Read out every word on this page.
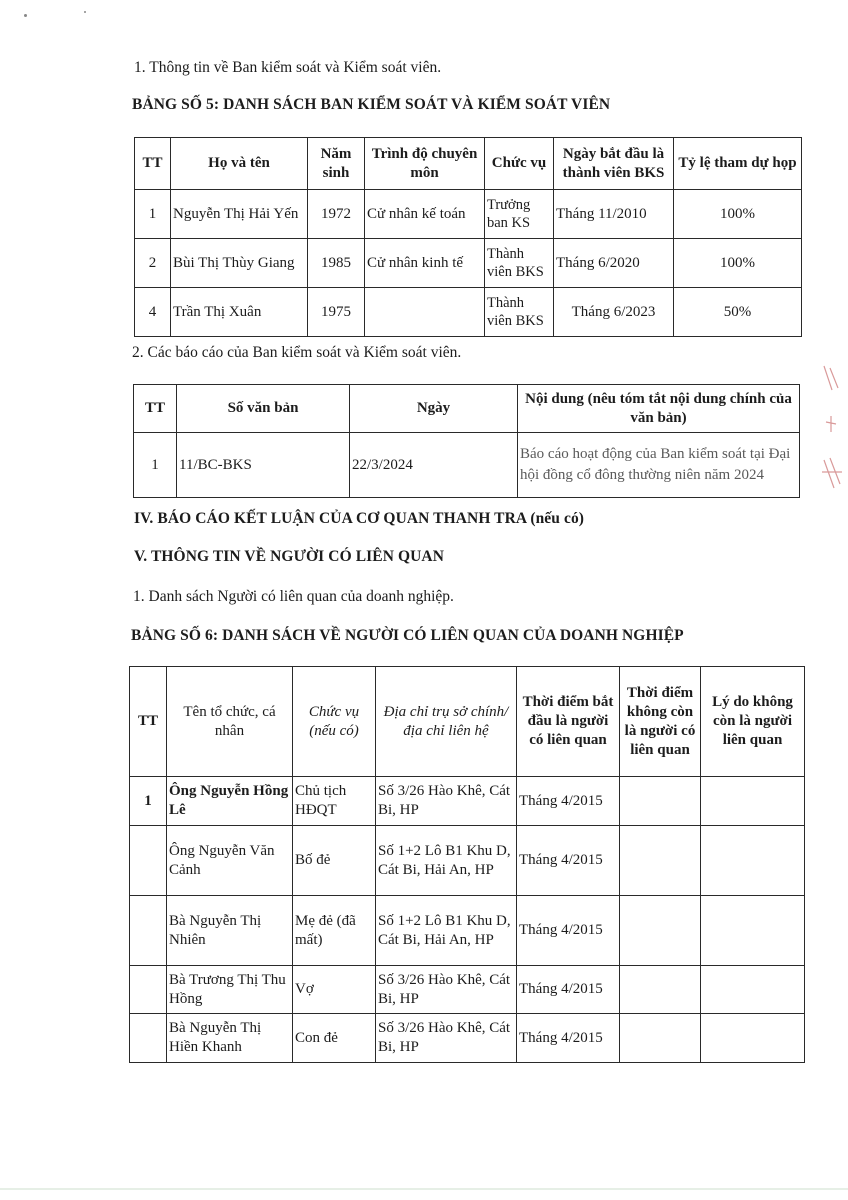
1. Thông tin về Ban kiểm soát và Kiểm soát viên.
BẢNG SỐ 5: DANH SÁCH BAN KIỂM SOÁT VÀ KIỂM SOÁT VIÊN
TT	Họ và tên	Năm sinh	Trình độ chuyên môn	Chức vụ	Ngày bắt đầu là thành viên BKS	Tỷ lệ tham dự họp
1	Nguyễn Thị Hải Yến	1972	Cử nhân kế toán	Trưởng ban KS	Tháng 11/2010	100%
2	Bùi Thị Thùy Giang	1985	Cử nhân kinh tế	Thành viên BKS	Tháng 6/2020	100%
4	Trần Thị Xuân	1975		Thành viên BKS	Tháng 6/2023	50%
2. Các báo cáo của Ban kiểm soát và Kiểm soát viên.
TT	Số văn bản	Ngày	Nội dung (nêu tóm tắt nội dung chính của văn bản)
1	11/BC-BKS	22/3/2024	Báo cáo hoạt động của Ban kiểm soát tại Đại hội đồng cổ đông thường niên năm 2024
IV. BÁO CÁO KẾT LUẬN CỦA CƠ QUAN THANH TRA (nếu có)
V. THÔNG TIN VỀ NGƯỜI CÓ LIÊN QUAN
1. Danh sách Người có liên quan của doanh nghiệp.
BẢNG SỐ 6: DANH SÁCH VỀ NGƯỜI CÓ LIÊN QUAN CỦA DOANH NGHIỆP
TT	Tên tổ chức, cá nhân	Chức vụ (nếu có)	Địa chỉ trụ sở chính/ địa chỉ liên hệ	Thời điểm bắt đầu là người có liên quan	Thời điểm không còn là người có liên quan	Lý do không còn là người liên quan
1	Ông Nguyễn Hồng Lê	Chủ tịch HĐQT	Số 3/26 Hào Khê, Cát Bi, HP	Tháng 4/2015		
	Ông Nguyễn Văn Cảnh	Bố đẻ	Số 1+2 Lô B1 Khu D, Cát Bi, Hải An, HP	Tháng 4/2015		
	Bà Nguyễn Thị Nhiên	Mẹ đẻ (đã mất)	Số 1+2 Lô B1 Khu D, Cát Bi, Hải An, HP	Tháng 4/2015		
	Bà Trương Thị Thu Hồng	Vợ	Số 3/26 Hào Khê, Cát Bi, HP	Tháng 4/2015		
	Bà Nguyễn Thị Hiền Khanh	Con đẻ	Số 3/26 Hào Khê, Cát Bi, HP	Tháng 4/2015		
